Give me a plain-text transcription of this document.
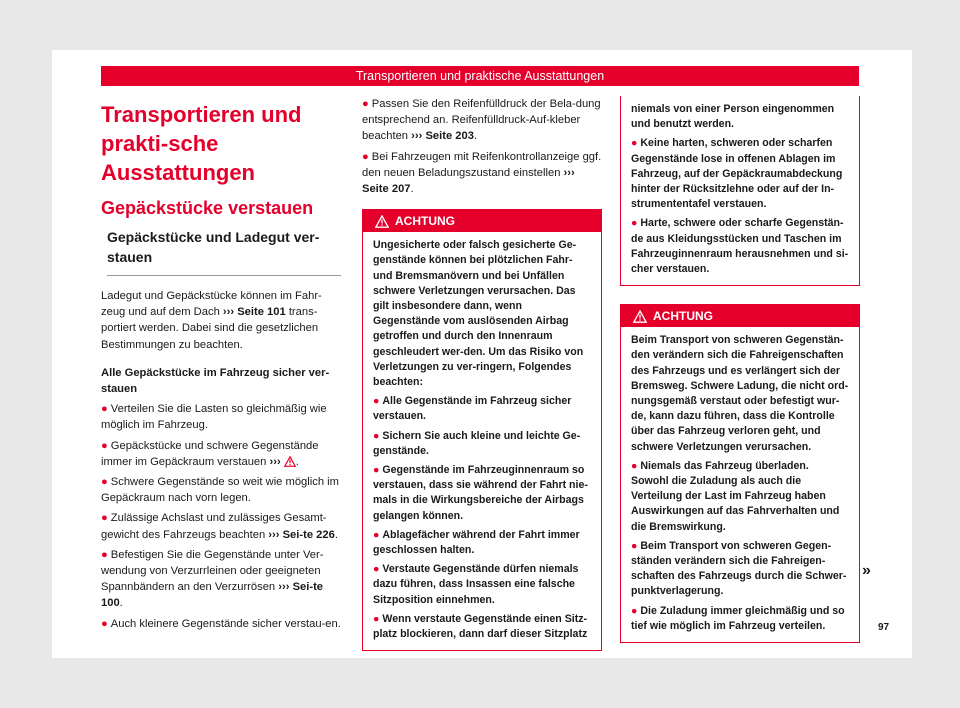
Transportieren und praktische Ausstattungen
Transportieren und prakti-sche Ausstattungen
Gepäckstücke verstauen
Gepäckstücke und Ladegut ver-stauen

Ladegut und Gepäckstücke können im Fahr-zeug und auf dem Dach ››› Seite 101 trans-portiert werden. Dabei sind die gesetzlichen Bestimmungen zu beachten.

Alle Gepäckstücke im Fahrzeug sicher ver-stauen

● Verteilen Sie die Lasten so gleichmäßig wie möglich im Fahrzeug.

● Gepäckstücke und schwere Gegenstände immer im Gepäckraum verstauen ››› .

● Schwere Gegenstände so weit wie möglich im Gepäckraum nach vorn legen.

● Zulässige Achslast und zulässiges Gesamt-gewicht des Fahrzeugs beachten ››› Sei-te 226.

● Befestigen Sie die Gegenstände unter Ver-wendung von Verzurrleinen oder geeigneten Spannbändern an den Verzurrösen ››› Sei-te 100.

● Auch kleinere Gegenstände sicher verstau-en.

● Passen Sie den Reifenfülldruck der Bela-dung entsprechend an. Reifenfülldruck-Auf-kleber beachten ››› Seite 203.

● Bei Fahrzeugen mit Reifenkontrollanzeige ggf. den neuen Beladungszustand einstellen ››› Seite 207.

ACHTUNG

Ungesicherte oder falsch gesicherte Ge-genstände können bei plötzlichen Fahr-und Bremsmanövern und bei Unfällen schwere Verletzungen verursachen. Das gilt insbesondere dann, wenn Gegenstände vom auslösenden Airbag getroffen und durch den Innenraum geschleudert wer-den. Um das Risiko von Verletzungen zu ver-ringern, Folgendes beachten:

● Alle Gegenstände im Fahrzeug sicher verstauen.

● Sichern Sie auch kleine und leichte Ge-genstände.

● Gegenstände im Fahrzeuginnenraum so verstauen, dass sie während der Fahrt nie-mals in die Wirkungsbereiche der Airbags gelangen können.

● Ablagefächer während der Fahrt immer geschlossen halten.

● Verstaute Gegenstände dürfen niemals dazu führen, dass Insassen eine falsche Sitzposition einnehmen.

● Wenn verstaute Gegenstände einen Sitz-platz blockieren, dann darf dieser Sitzplatz

niemals von einer Person eingenommen und benutzt werden.

● Keine harten, schweren oder scharfen Gegenstände lose in offenen Ablagen im Fahrzeug, auf der Gepäckraumabdeckung hinter der Rücksitzlehne oder auf der In-strumententafel verstauen.

● Harte, schwere oder scharfe Gegenstän-de aus Kleidungsstücken und Taschen im Fahrzeuginnenraum herausnehmen und si-cher verstauen.

ACHTUNG

Beim Transport von schweren Gegenstän-den verändern sich die Fahreigenschaften des Fahrzeugs und es verlängert sich der Bremsweg. Schwere Ladung, die nicht ord-nungsgemäß verstaut oder befestigt wur-de, kann dazu führen, dass die Kontrolle über das Fahrzeug verloren geht, und schwere Verletzungen verursachen.

● Niemals das Fahrzeug überladen. Sowohl die Zuladung als auch die Verteilung der Last im Fahrzeug haben Auswirkungen auf das Fahrverhalten und die Bremswirkung.

● Beim Transport von schweren Gegen-ständen verändern sich die Fahreigen-schaften des Fahrzeugs durch die Schwer-punktverlagerung.

● Die Zuladung immer gleichmäßig und so tief wie möglich im Fahrzeug verteilen.

»
97
